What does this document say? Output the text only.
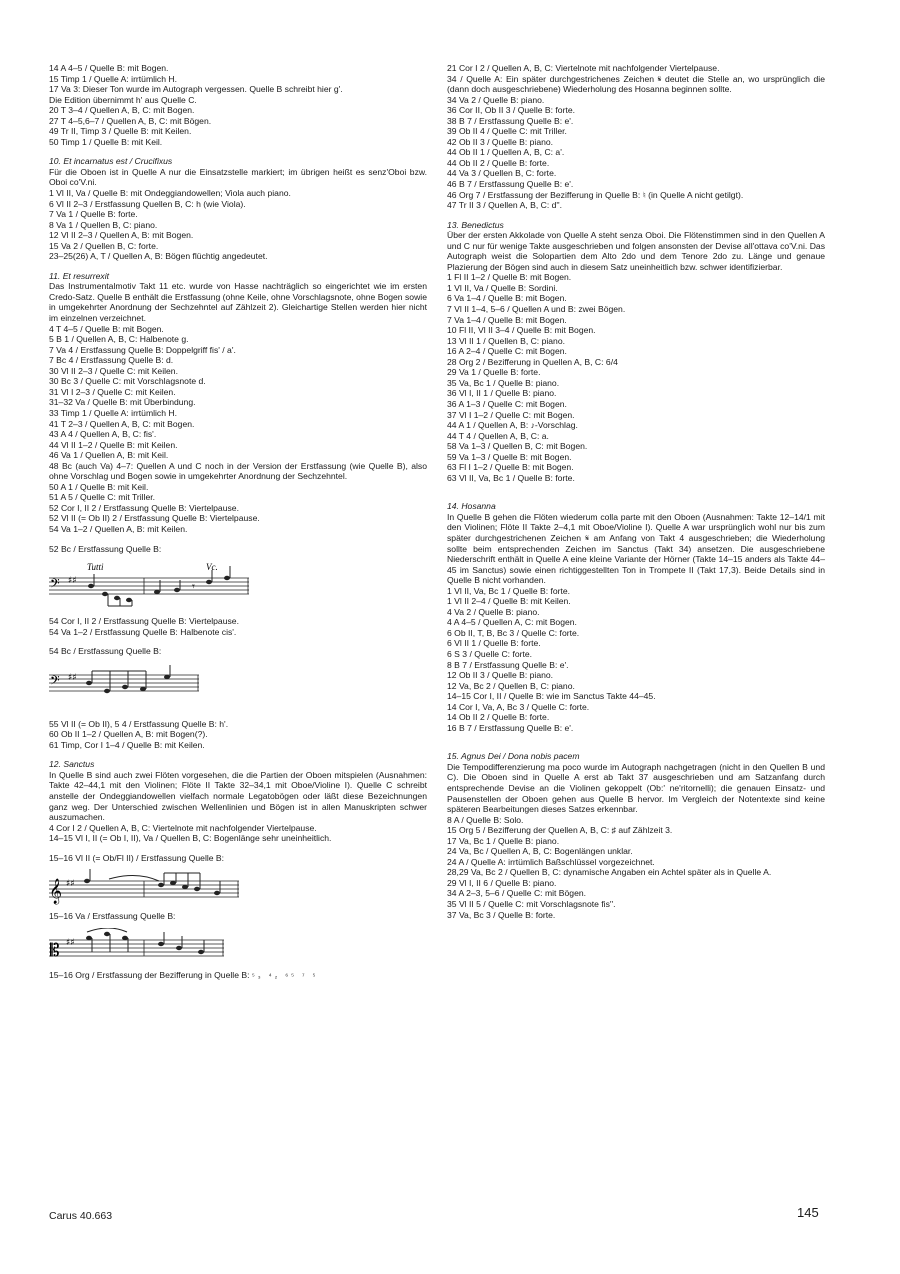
14 A 4–5 / Quelle B: mit Bogen.
15 Timp 1 / Quelle A: irrtümlich H.
17 Va 3: Dieser Ton wurde im Autograph vergessen. Quelle B schreibt hier g'.
Die Edition übernimmt h' aus Quelle C.
20 T 3–4 / Quellen A, B, C: mit Bogen.
27 T 4–5,6–7 / Quellen A, B, C: mit Bögen.
49 Tr II, Timp 3 / Quelle B: mit Keilen.
50 Timp 1 / Quelle B: mit Keil.
10. Et incarnatus est / Crucifixus
Für die Oboen ist in Quelle A nur die Einsatzstelle markiert; im übrigen heißt es senz'Oboi bzw. Oboi co'V.ni.
1 Vl II, Va / Quelle B: mit Ondeggiandowellen; Viola auch piano.
6 Vl II 2–3 / Erstfassung Quellen B, C: h (wie Viola).
7 Va 1 / Quelle B: forte.
8 Va 1 / Quellen B, C: piano.
12 Vl II 2–3 / Quellen A, B: mit Bogen.
15 Va 2 / Quellen B, C: forte.
23–25(26) A, T / Quellen A, B: Bögen flüchtig angedeutet.
11. Et resurrexit
Das Instrumentalmotiv Takt 11 etc. wurde von Hasse nachträglich so eingerichtet wie im ersten Credo-Satz. Quelle B enthält die Erstfassung (ohne Keile, ohne Vorschlagsnote, ohne Bogen sowie in umgekehrter Anordnung der Sechzehntel auf Zählzeit 2). Gleichartige Stellen werden hier nicht im einzelnen verzeichnet.
4 T 4–5 / Quelle B: mit Bogen.
5 B 1 / Quellen A, B, C: Halbenote g.
7 Va 4 / Erstfassung Quelle B: Doppelgriff fis' / a'.
7 Bc 4 / Erstfassung Quelle B: d.
30 Vl II 2–3 / Quelle C: mit Keilen.
30 Bc 3 / Quelle C: mit Vorschlagsnote d.
31 Vl I 2–3 / Quelle C: mit Keilen.
31–32 Va / Quelle B: mit Überbindung.
33 Timp 1 / Quelle A: irrtümlich H.
41 T 2–3 / Quellen A, B, C: mit Bogen.
43 A 4 / Quellen A, B, C: fis'.
44 Vl II 1–2 / Quelle B: mit Keilen.
46 Va 1 / Quellen A, B: mit Keil.
48 Bc (auch Va) 4–7: Quellen A und C noch in der Version der Erstfassung (wie Quelle B), also ohne Vorschlag und Bogen sowie in umgekehrter Anordnung der Sechzehntel.
50 A 1 / Quelle B: mit Keil.
51 A 5 / Quelle C: mit Triller.
52 Cor I, II 2 / Erstfassung Quelle B: Viertelpause.
52 Vl II (= Ob II) 2 / Erstfassung Quelle B: Viertelpause.
54 Va 1–2 / Quellen A, B: mit Keilen.
52 Bc / Erstfassung Quelle B:
Tutti	Vc.
𝄢 ♯♯	𝄾
54 Cor I, II 2 / Erstfassung Quelle B: Viertelpause.
54 Va 1–2 / Erstfassung Quelle B: Halbenote cis'.
54 Bc / Erstfassung Quelle B:
𝄢 ♯♯
55 Vl II (= Ob II), 5 4 / Erstfassung Quelle B: h'.
60 Ob II 1–2 / Quellen A, B: mit Bogen(?).
61 Timp, Cor I 1–4 / Quelle B: mit Keilen.
12. Sanctus
In Quelle B sind auch zwei Flöten vorgesehen, die die Partien der Oboen mitspielen (Ausnahmen: Takte 42–44,1 mit den Violinen; Flöte II Takte 32–34,1 mit Oboe/Violine I). Quelle C schreibt anstelle der Ondeggiandowellen vielfach normale Legatobögen oder läßt diese Bezeichnungen ganz weg. Der Unterschied zwischen Wellenlinien und Bögen ist in allen Manuskripten schwer auszumachen.
4 Cor I 2 / Quellen A, B, C: Viertelnote mit nachfolgender Viertelpause.
14–15 Vl I, II (= Ob I, II), Va / Quellen B, C: Bogenlänge sehr uneinheitlich.
15–16 Vl II (= Ob/Fl II) / Erstfassung Quelle B:
𝄞 ♯♯
15–16 Va / Erstfassung Quelle B:
𝄡 ♯♯
15–16 Org / Erstfassung der Bezifferung in Quelle B: ⁵₃ ⁴₂ ⁶⁵ ⁷ ⁵
21 Cor I 2 / Quellen A, B, C: Viertelnote mit nachfolgender Viertelpause.
34 / Quelle A: Ein später durchgestrichenes Zeichen 𝄋 deutet die Stelle an, wo ursprünglich die (dann doch ausgeschriebene) Wiederholung des Hosanna beginnen sollte.
34 Va 2 / Quelle B: piano.
36 Cor II, Ob II 3 / Quelle B: forte.
38 B 7 / Erstfassung Quelle B: e'.
39 Ob II 4 / Quelle C: mit Triller.
42 Ob II 3 / Quelle B: piano.
44 Ob II 1 / Quellen A, B, C: a'.
44 Ob II 2 / Quelle B: forte.
44 Va 3 / Quellen B, C: forte.
46 B 7 / Erstfassung Quelle B: e'.
46 Org 7 / Erstfassung der Bezifferung in Quelle B: ♮ (in Quelle A nicht getilgt).
47 Tr II 3 / Quellen A, B, C: d''.
13. Benedictus
Über der ersten Akkolade von Quelle A steht senza Oboi. Die Flötenstimmen sind in den Quellen A und C nur für wenige Takte ausgeschrieben und folgen ansonsten der Devise all'ottava co'V.ni. Das Autograph weist die Solopartien dem Alto 2do und dem Tenore 2do zu. Länge und genaue Plazierung der Bögen sind auch in diesem Satz uneinheitlich bzw. schwer identifizierbar.
1 Fl II 1–2 / Quelle B: mit Bogen.
1 Vl II, Va / Quelle B: Sordini.
6 Va 1–4 / Quelle B: mit Bogen.
7 Vl II 1–4, 5–6 / Quellen A und B: zwei Bögen.
7 Va 1–4 / Quelle B: mit Bogen.
10 Fl II, Vl II 3–4 / Quelle B: mit Bogen.
13 Vl II 1 / Quellen B, C: piano.
16 A 2–4 / Quelle C: mit Bogen.
28 Org 2 / Bezifferung in Quellen A, B, C: 6/4
29 Va 1 / Quelle B: forte.
35 Va, Bc 1 / Quelle B: piano.
36 Vl I, II 1 / Quelle B: piano.
36 A 1–3 / Quelle C: mit Bogen.
37 Vl I 1–2 / Quelle C: mit Bogen.
44 A 1 / Quellen A, B: ♪-Vorschlag.
44 T 4 / Quellen A, B, C: a.
58 Va 1–3 / Quellen B, C: mit Bogen.
59 Va 1–3 / Quelle B: mit Bogen.
63 Fl I 1–2 / Quelle B: mit Bogen.
63 Vl II, Va, Bc 1 / Quelle B: forte.
14. Hosanna
In Quelle B gehen die Flöten wiederum colla parte mit den Oboen (Ausnahmen: Takte 12–14/1 mit den Violinen; Flöte II Takte 2–4,1 mit Oboe/Violine I). Quelle A war ursprünglich wohl nur bis zum später durchgestrichenen Zeichen 𝄋 am Anfang von Takt 4 ausgeschrieben; die Wiederholung sollte beim entsprechenden Zeichen im Sanctus (Takt 34) ansetzen. Die ausgeschriebene Niederschrift enthält in Quelle A eine kleine Variante der Hörner (Takte 14–15 anders als Takte 44–45 im Sanctus) sowie einen richtiggestellten Ton in Trompete II (Takt 17,3). Beide Details sind in Quelle B nicht vorhanden.
1 Vl II, Va, Bc 1 / Quelle B: forte.
1 Vl II 2–4 / Quelle B: mit Keilen.
4 Va 2 / Quelle B: piano.
4 A 4–5 / Quellen A, C: mit Bogen.
6 Ob II, T, B, Bc 3 / Quelle C: forte.
6 Vl II 1 / Quelle B: forte.
6 S 3 / Quelle C: forte.
8 B 7 / Erstfassung Quelle B: e'.
12 Ob II 3 / Quelle B: piano.
12 Va, Bc 2 / Quellen B, C: piano.
14–15 Cor I, II / Quelle B: wie im Sanctus Takte 44–45.
14 Cor I, Va, A, Bc 3 / Quelle C: forte.
14 Ob II 2 / Quelle B: forte.
16 B 7 / Erstfassung Quelle B: e'.
15. Agnus Dei / Dona nobis pacem
Die Tempodifferenzierung ma poco wurde im Autograph nachgetragen (nicht in den Quellen B und C). Die Oboen sind in Quelle A erst ab Takt 37 ausgeschrieben und am Satzanfang durch entsprechende Devise an die Violinen gekoppelt (Ob:' ne'ritornelli); die genauen Einsatz- und Pausenstellen der Oboen gehen aus Quelle B hervor. Im Vergleich der Notentexte sind keine späteren Bearbeitungen dieses Satzes erkennbar.
8 A / Quelle B: Solo.
15 Org 5 / Bezifferung der Quellen A, B, C: ♯ auf Zählzeit 3.
17 Va, Bc 1 / Quelle B: piano.
24 Va, Bc / Quellen A, B, C: Bogenlängen unklar.
24 A / Quelle A: irrtümlich Baßschlüssel vorgezeichnet.
28,29 Va, Bc 2 / Quellen B, C: dynamische Angaben ein Achtel später als in Quelle A.
29 Vl I, II 6 / Quelle B: piano.
34 A 2–3, 5–6 / Quelle C: mit Bögen.
35 Vl II 5 / Quelle C: mit Vorschlagsnote fis''.
37 Va, Bc 3 / Quelle B: forte.
Carus 40.663	145
